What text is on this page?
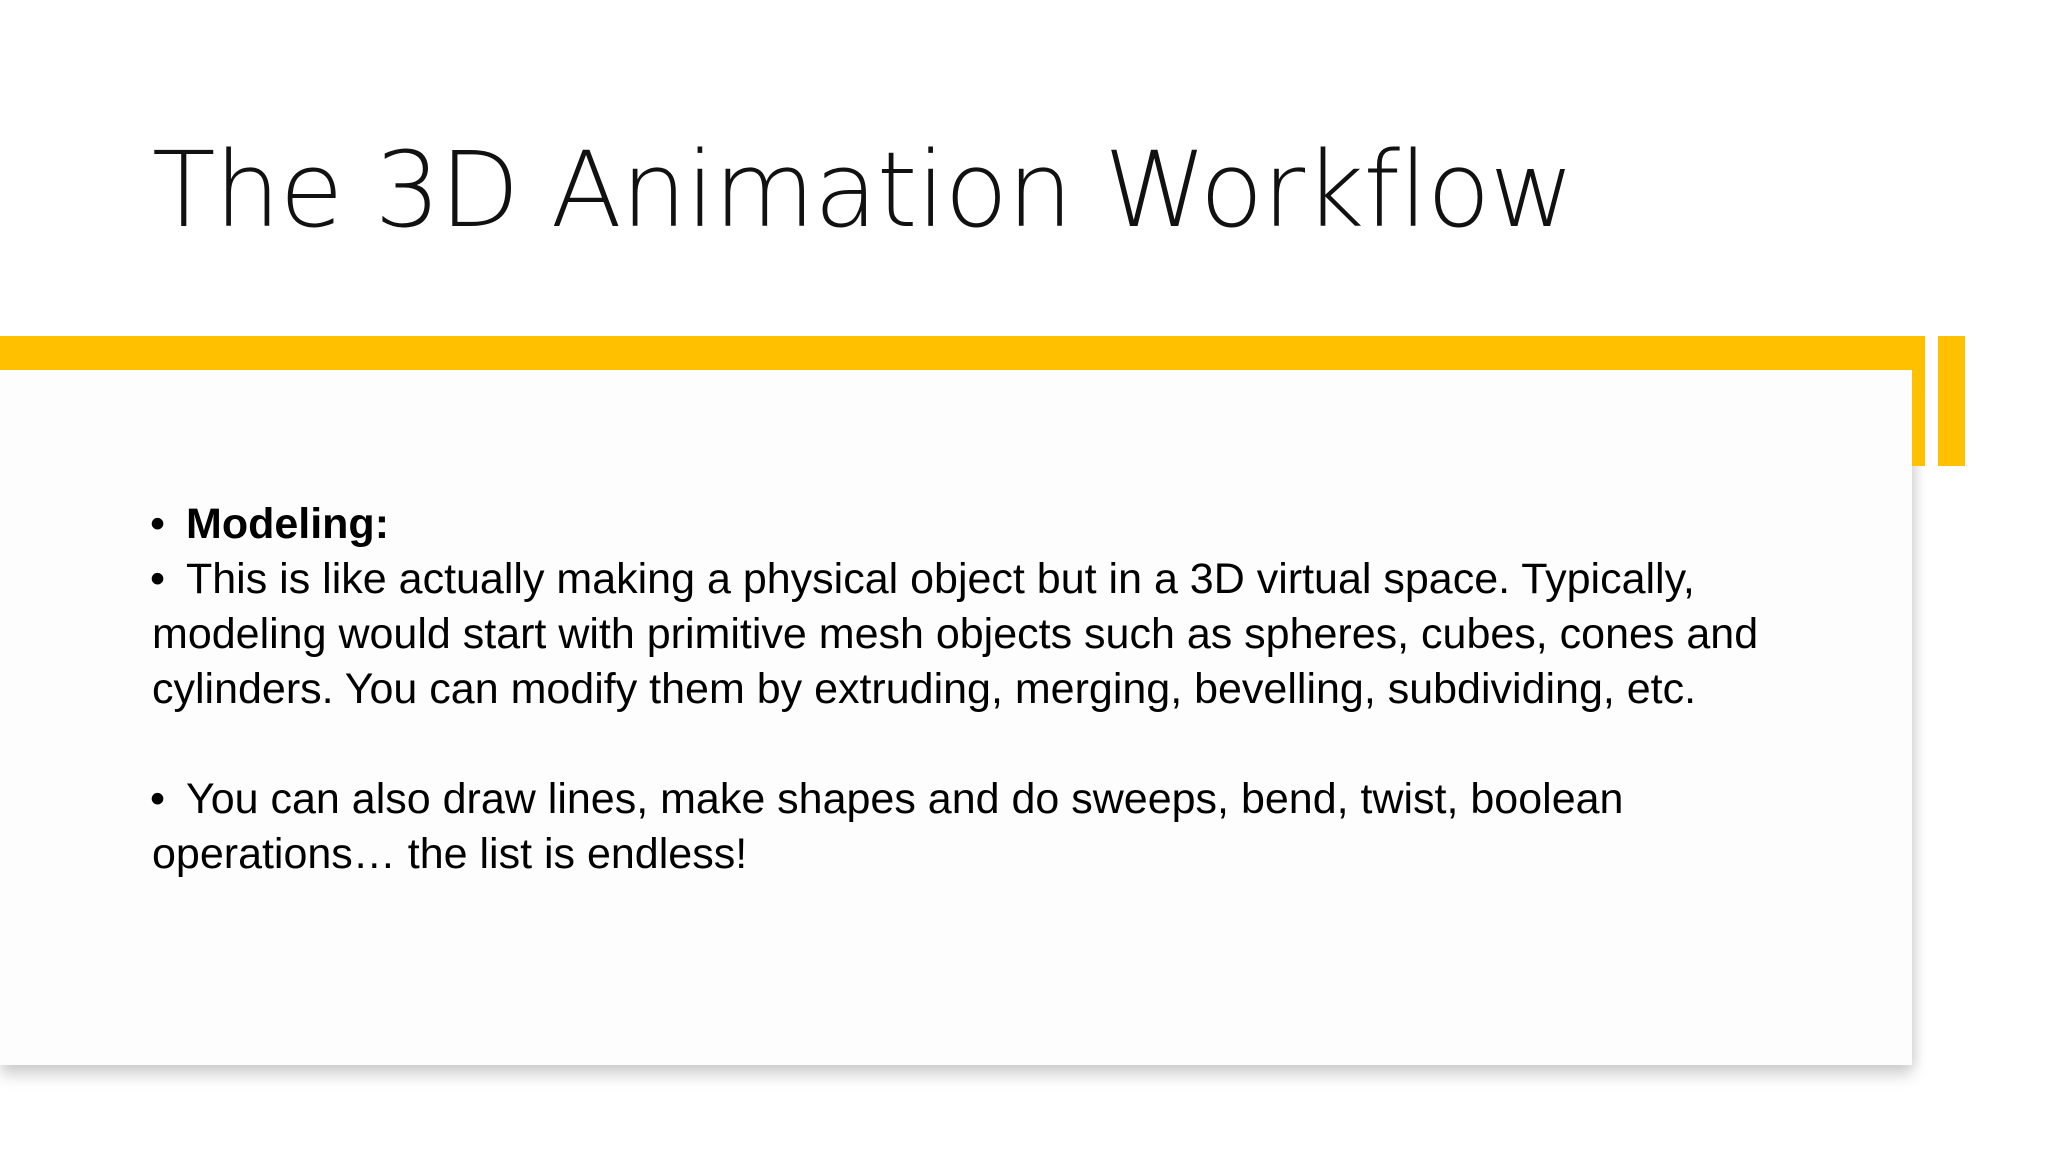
The 3D Animation Workflow

• Modeling:

• This is like actually making a physical object but in a 3D virtual space. Typically, modeling would start with primitive mesh objects such as spheres, cubes, cones and cylinders. You can modify them by extruding, merging, bevelling, subdividing, etc.

• You can also draw lines, make shapes and do sweeps, bend, twist, boolean operations… the list is endless!
